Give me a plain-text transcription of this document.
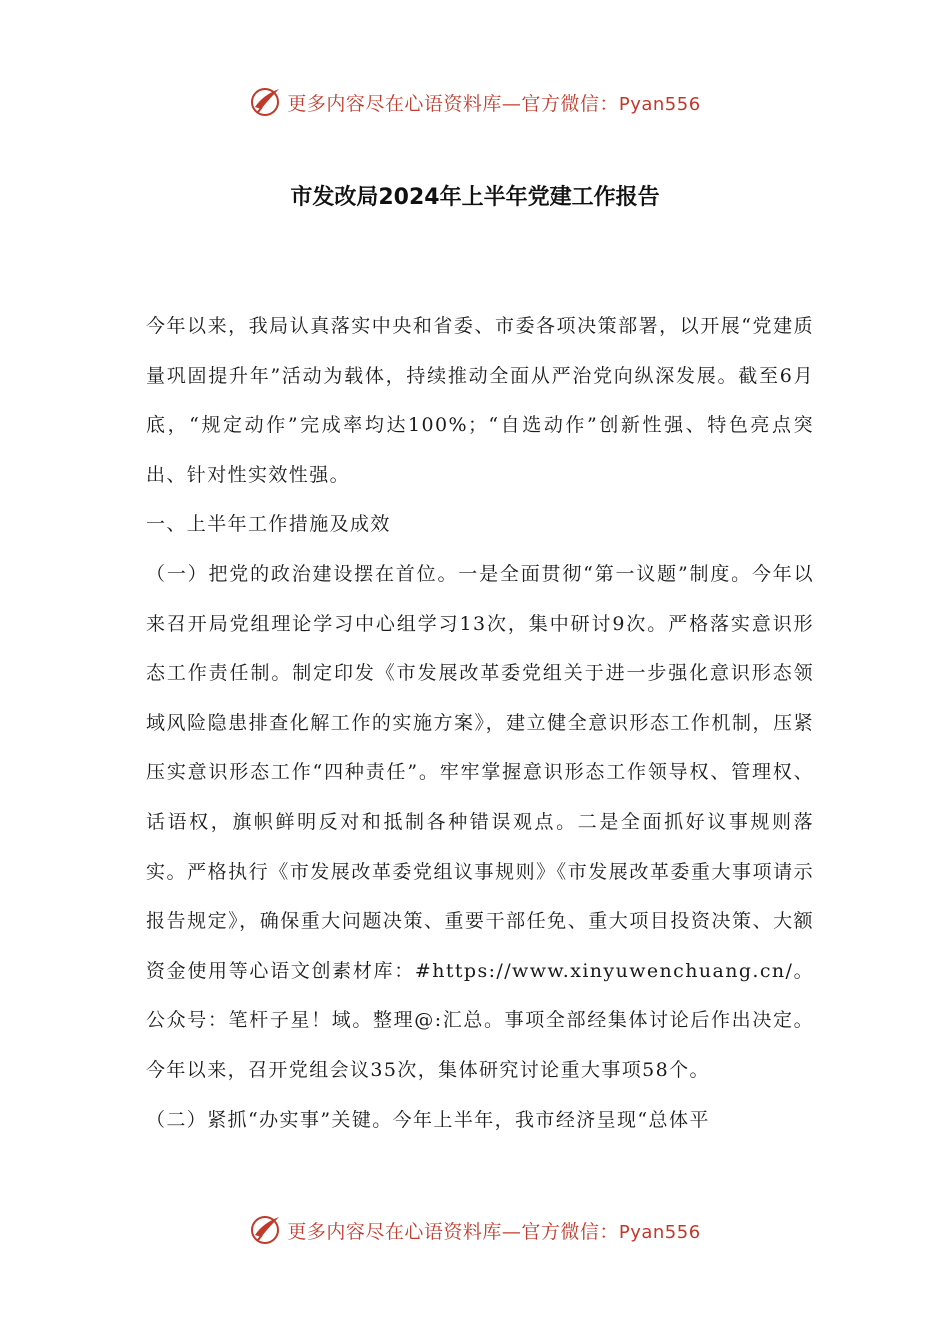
更多内容尽在心语资料库—官方微信：Pyan556
市发改局2024年上半年党建工作报告

今年以来，我局认真落实中央和省委、市委各项决策部署，以开展“党建质量巩固提升年”活动为载体，持续推动全面从严治党向纵深发展。截至6月底，“规定动作”完成率均达100%；“自选动作”创新性强、特色亮点突出、针对性实效性强。

一、上半年工作措施及成效

（一）把党的政治建设摆在首位。一是全面贯彻“第一议题”制度。今年以来召开局党组理论学习中心组学习13次，集中研讨9次。严格落实意识形态工作责任制。制定印发《市发展改革委党组关于进一步强化意识形态领域风险隐患排查化解工作的实施方案》，建立健全意识形态工作机制，压紧压实意识形态工作“四种责任”。牢牢掌握意识形态工作领导权、管理权、话语权，旗帜鲜明反对和抵制各种错误观点。二是全面抓好议事规则落实。严格执行《市发展改革委党组议事规则》《市发展改革委重大事项请示报告规定》，确保重大问题决策、重要干部任免、重大项目投资决策、大额资金使用等心语文创素材库：#https://www.xinyuwenchuang.cn/。公众号：笔杆子星！域。整理@:汇总。事项全部经集体讨论后作出决定。今年以来，召开党组会议35次，集体研究讨论重大事项58个。

（二）紧抓“办实事”关键。今年上半年，我市经济呈现“总体平

更多内容尽在心语资料库—官方微信：Pyan556
